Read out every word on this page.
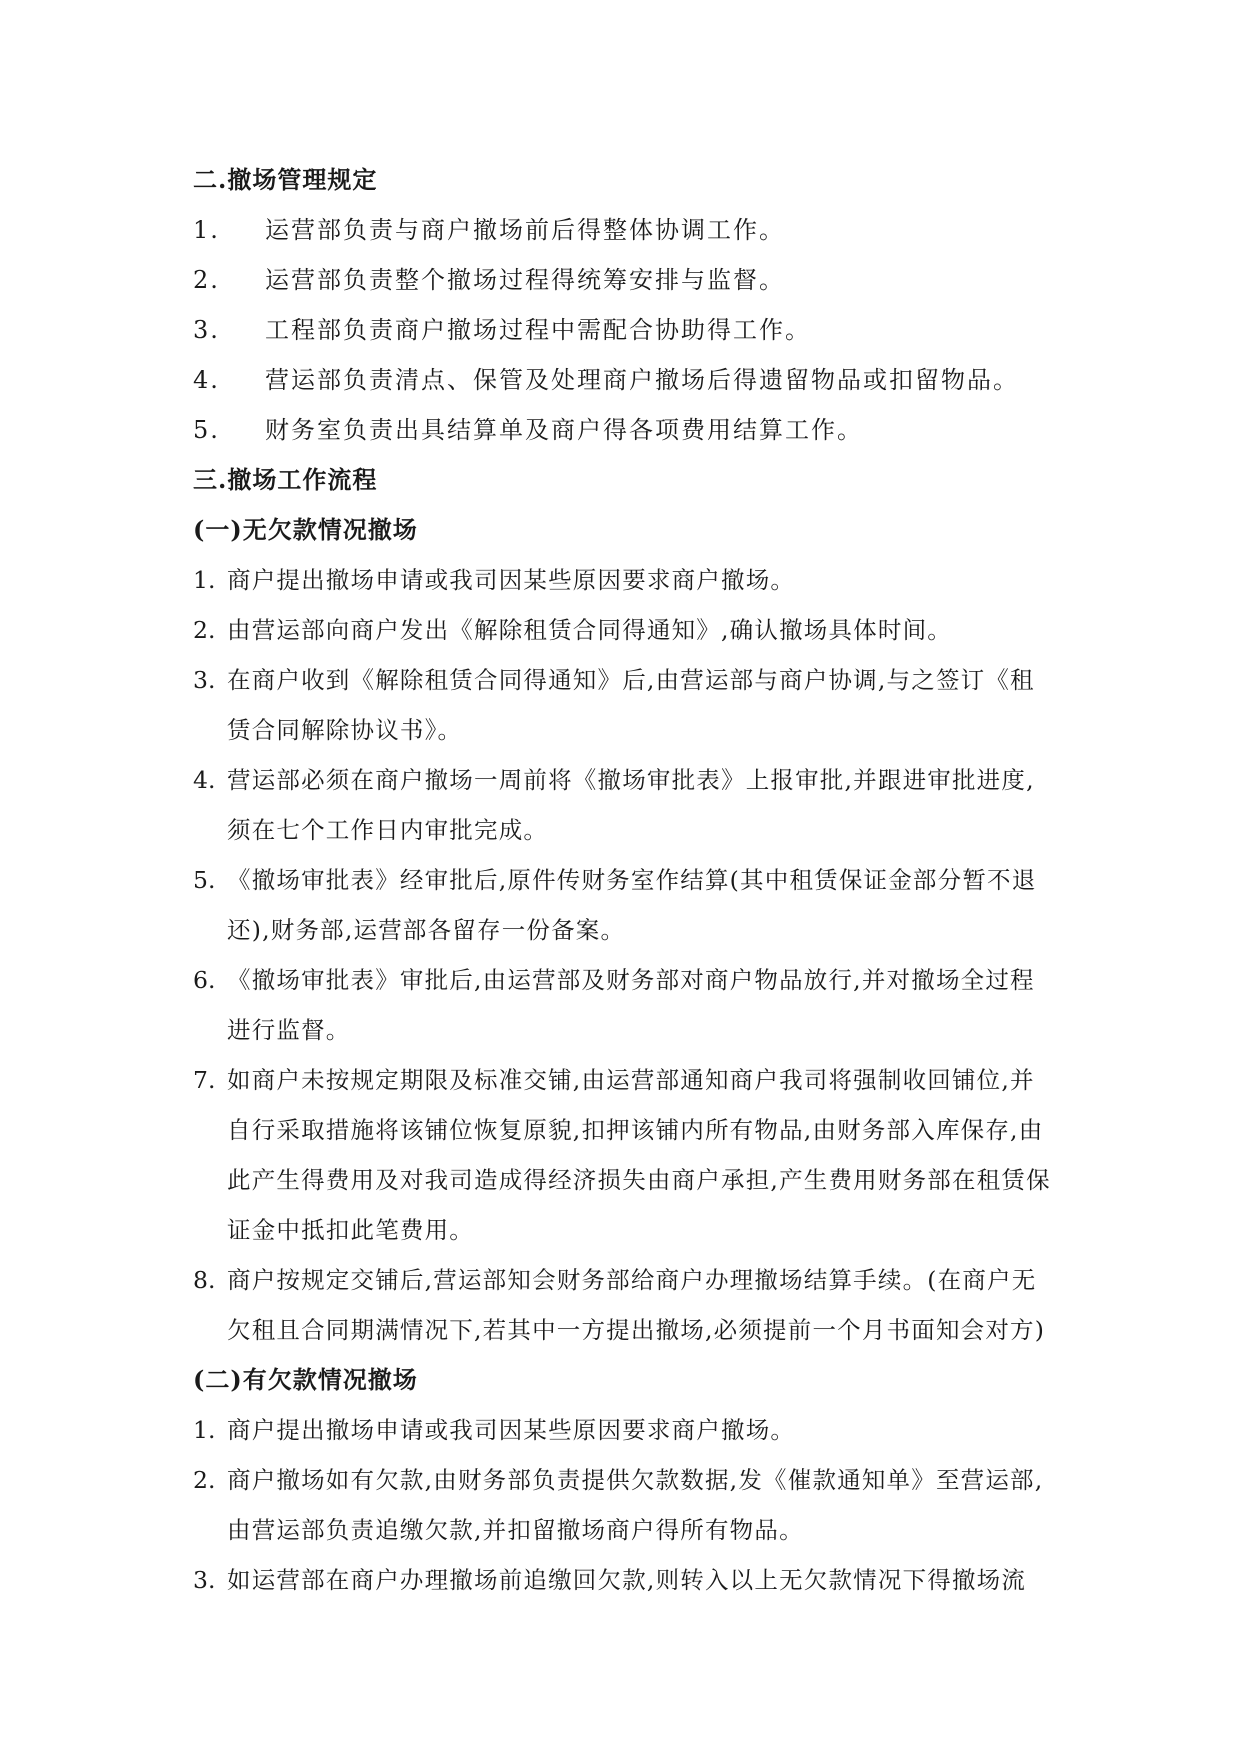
二.撤场管理规定
1. 运营部负责与商户撤场前后得整体协调工作。
2. 运营部负责整个撤场过程得统筹安排与监督。
3. 工程部负责商户撤场过程中需配合协助得工作。
4. 营运部负责清点、保管及处理商户撤场后得遗留物品或扣留物品。
5. 财务室负责出具结算单及商户得各项费用结算工作。
三.撤场工作流程
(一)无欠款情况撤场
1. 商户提出撤场申请或我司因某些原因要求商户撤场。
2. 由营运部向商户发出《解除租赁合同得通知》,确认撤场具体时间。
3. 在商户收到《解除租赁合同得通知》后,由营运部与商户协调,与之签订《租赁合同解除协议书》。
4. 营运部必须在商户撤场一周前将《撤场审批表》上报审批,并跟进审批进度,须在七个工作日内审批完成。
5. 《撤场审批表》经审批后,原件传财务室作结算(其中租赁保证金部分暂不退还),财务部,运营部各留存一份备案。
6. 《撤场审批表》审批后,由运营部及财务部对商户物品放行,并对撤场全过程进行监督。
7. 如商户未按规定期限及标准交铺,由运营部通知商户我司将强制收回铺位,并自行采取措施将该铺位恢复原貌,扣押该铺内所有物品,由财务部入库保存,由此产生得费用及对我司造成得经济损失由商户承担,产生费用财务部在租赁保证金中抵扣此笔费用。
8. 商户按规定交铺后,营运部知会财务部给商户办理撤场结算手续。(在商户无欠租且合同期满情况下,若其中一方提出撤场,必须提前一个月书面知会对方)
(二)有欠款情况撤场
1. 商户提出撤场申请或我司因某些原因要求商户撤场。
2. 商户撤场如有欠款,由财务部负责提供欠款数据,发《催款通知单》至营运部,由营运部负责追缴欠款,并扣留撤场商户得所有物品。
3. 如运营部在商户办理撤场前追缴回欠款,则转入以上无欠款情况下得撤场流
